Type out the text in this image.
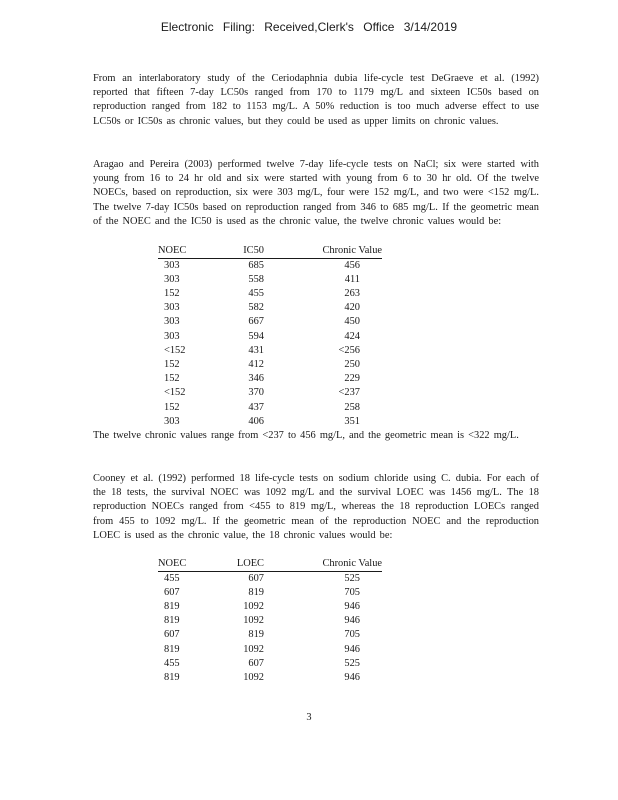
Electronic Filing: Received,Clerk's Office 3/14/2019

From an interlaboratory study of the Ceriodaphnia dubia life-cycle test DeGraeve et al. (1992) reported that fifteen 7-day LC50s ranged from 170 to 1179 mg/L and sixteen IC50s based on reproduction ranged from 182 to 1153 mg/L. A 50% reduction is too much adverse effect to use LC50s or IC50s as chronic values, but they could be used as upper limits on chronic values.

Aragao and Pereira (2003) performed twelve 7-day life-cycle tests on NaCl; six were started with young from 16 to 24 hr old and six were started with young from 6 to 30 hr old. Of the twelve NOECs, based on reproduction, six were 303 mg/L, four were 152 mg/L, and two were <152 mg/L. The twelve 7-day IC50s based on reproduction ranged from 346 to 685 mg/L. If the geometric mean of the NOEC and the IC50 is used as the chronic value, the twelve chronic values would be:

NOEC	IC50	Chronic Value
303	685	456
303	558	411
152	455	263
303	582	420
303	667	450
303	594	424
<152	431	<256
152	412	250
152	346	229
<152	370	<237
152	437	258
303	406	351

The twelve chronic values range from <237 to 456 mg/L, and the geometric mean is <322 mg/L.

Cooney et al. (1992) performed 18 life-cycle tests on sodium chloride using C. dubia. For each of the 18 tests, the survival NOEC was 1092 mg/L and the survival LOEC was 1456 mg/L. The 18 reproduction NOECs ranged from <455 to 819 mg/L, whereas the 18 reproduction LOECs ranged from 455 to 1092 mg/L. If the geometric mean of the reproduction NOEC and the reproduction LOEC is used as the chronic value, the 18 chronic values would be:

NOEC	LOEC	Chronic Value
455	607	525
607	819	705
819	1092	946
819	1092	946
607	819	705
819	1092	946
455	607	525
819	1092	946
3
